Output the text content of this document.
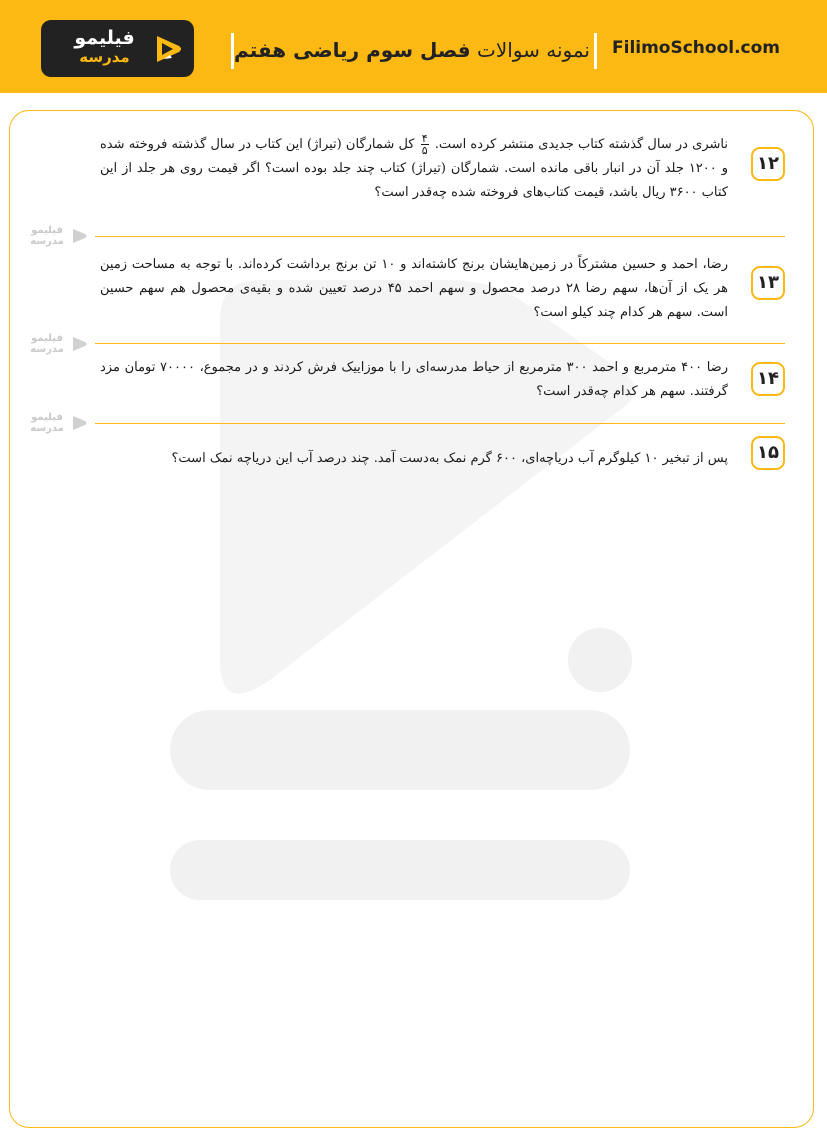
فیلیمو
مدرسه	نمونه سوالات فصل سوم ریاضی هفتم	FilimoSchool.com
فیلیمو
مدرسه
فیلیمو
مدرسه
فیلیمو
مدرسه
۱۲
ناشری در سال گذشته کتاب جدیدی منتشر کرده است.
$\frac{۴}{۵}$
کل شمارگان (تیراژ) این کتاب در سال گذشته فروخته شده و ۱۲۰۰ جلد آن در انبار باقی مانده است. شمارگان (تیراژ) کتاب چند جلد بوده است؟ اگر قیمت روی هر جلد از این کتاب ۳۶۰۰ ریال باشد، قیمت کتاب‌های فروخته شده چه‌قدر است؟
۱۳
رضا، احمد و حسین مشترکاً در زمین‌هایشان برنج کاشته‌اند و ۱۰ تن برنج برداشت کرده‌اند. با توجه به مساحت زمین هر یک از آن‌ها، سهم رضا ۲۸ درصد محصول و سهم احمد ۴۵ درصد تعیین شده و بقیه‌ی محصول هم سهم حسین است. سهم هر کدام چند کیلو است؟
۱۴
رضا ۴۰۰ مترمربع و احمد ۳۰۰ مترمربع از حیاط مدرسه‌ای را با موزاییک فرش کردند و در مجموع، ۷۰۰۰۰ تومان مزد گرفتند. سهم هر کدام چه‌قدر است؟
۱۵
پس از تبخیر ۱۰ کیلوگرم آب دریاچه‌ای، ۶۰۰ گرم نمک به‌دست آمد. چند درصد آب این دریاچه نمک است؟
